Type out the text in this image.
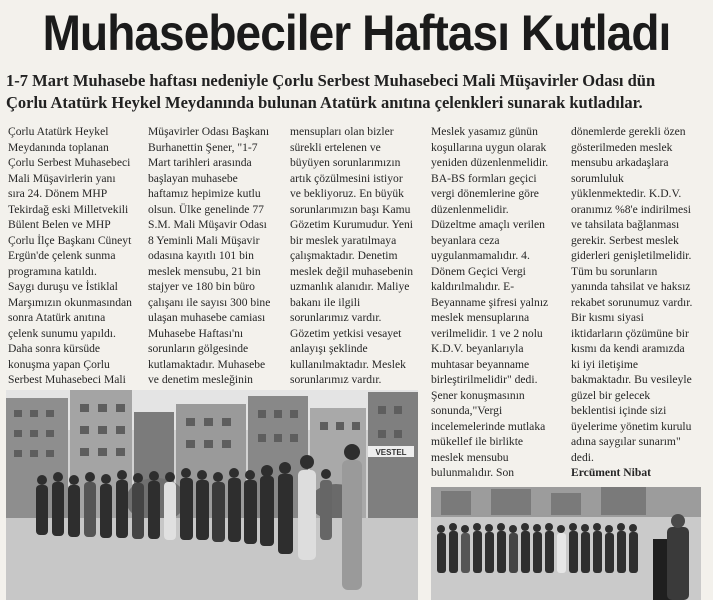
Muhasebeciler Haftası Kutladı

1-7 Mart Muhasebe haftası nedeniyle Çorlu Serbest Muhasebeci Mali Müşavirler Odası dün

Çorlu Atatürk Heykel Meydanında bulunan Atatürk anıtına çelenkleri sunarak kutladılar.

Çorlu Atatürk Heykel

Meydanında toplanan

Çorlu Serbest Muhasebeci

Mali Müşavirlerin yanı

sıra 24. Dönem MHP

Tekirdağ eski Milletvekili

Bülent Belen ve MHP

Çorlu İlçe Başkanı Cüneyt

Ergün'de çelenk sunma

programına katıldı.

Saygı duruşu ve İstiklal

Marşımızın okunmasından

sonra Atatürk anıtına

çelenk sunumu yapıldı.

Daha sonra kürsüde

konuşma yapan Çorlu

Serbest Muhasebeci Mali

Müşavirler Odası Başkanı

Burhanettin Şener, "1-7

Mart tarihleri arasında

başlayan muhasebe

haftamız hepimize kutlu

olsun. Ülke genelinde 77

S.M. Mali Müşavir Odası

8 Yeminli Mali Müşavir

odasına kayıtlı 101 bin

meslek mensubu, 21 bin

stajyer ve 180 bin büro

çalışanı ile sayısı 300 bine

ulaşan muhasebe camiası

Muhasebe Haftası'nı

sorunların gölgesinde

kutlamaktadır. Muhasebe

ve denetim mesleğinin

mensupları olan bizler

sürekli ertelenen ve

büyüyen sorunlarımızın

artık çözülmesini istiyor

ve bekliyoruz. En büyük

sorunlarımızın başı Kamu

Gözetim Kurumudur. Yeni

bir meslek yaratılmaya

çalışmaktadır. Denetim

meslek değil muhasebenin

uzmanlık alanıdır. Maliye

bakanı ile ilgili

sorunlarımız vardır.

Gözetim yetkisi vesayet

anlayışı şeklinde

kullanılmaktadır. Meslek

sorunlarımız vardır.

Meslek yasamız günün

koşullarına uygun olarak

yeniden düzenlenmelidir.

BA-BS formları geçici

vergi dönemlerine göre

düzenlenmelidir.

Düzeltme amaçlı verilen

beyanlara ceza

uygulanmamalıdır. 4.

Dönem Geçici Vergi

kaldırılmalıdır. E-

Beyanname şifresi yalnız

meslek mensuplarına

verilmelidir. 1 ve 2 nolu

K.D.V. beyanlarıyla

muhtasar beyanname

birleştirilmelidir" dedi.

Şener konuşmasının

sonunda,"Vergi

incelemelerinde mutlaka

mükellef ile birlikte

meslek mensubu

bulunmalıdır. Son

dönemlerde gerekli özen

gösterilmeden meslek

mensubu arkadaşlara

sorumluluk

yüklenmektedir. K.D.V.

oranımız %8'e indirilmesi

ve tahsilata bağlanması

gerekir. Serbest meslek

giderleri genişletilmelidir.

Tüm bu sorunların

yanında tahsilat ve haksız

rekabet sorunumuz vardır.

Bir kısmı siyasi

iktidarların çözümüne bir

kısmı da kendi aramızda

ki iyi iletişime

bakmaktadır. Bu vesileyle

güzel bir gelecek

beklentisi içinde sizi

üyelerime yönetim kurulu

adına saygılar sunarım"

dedi.

Ercüment Nibat

VESTEL
